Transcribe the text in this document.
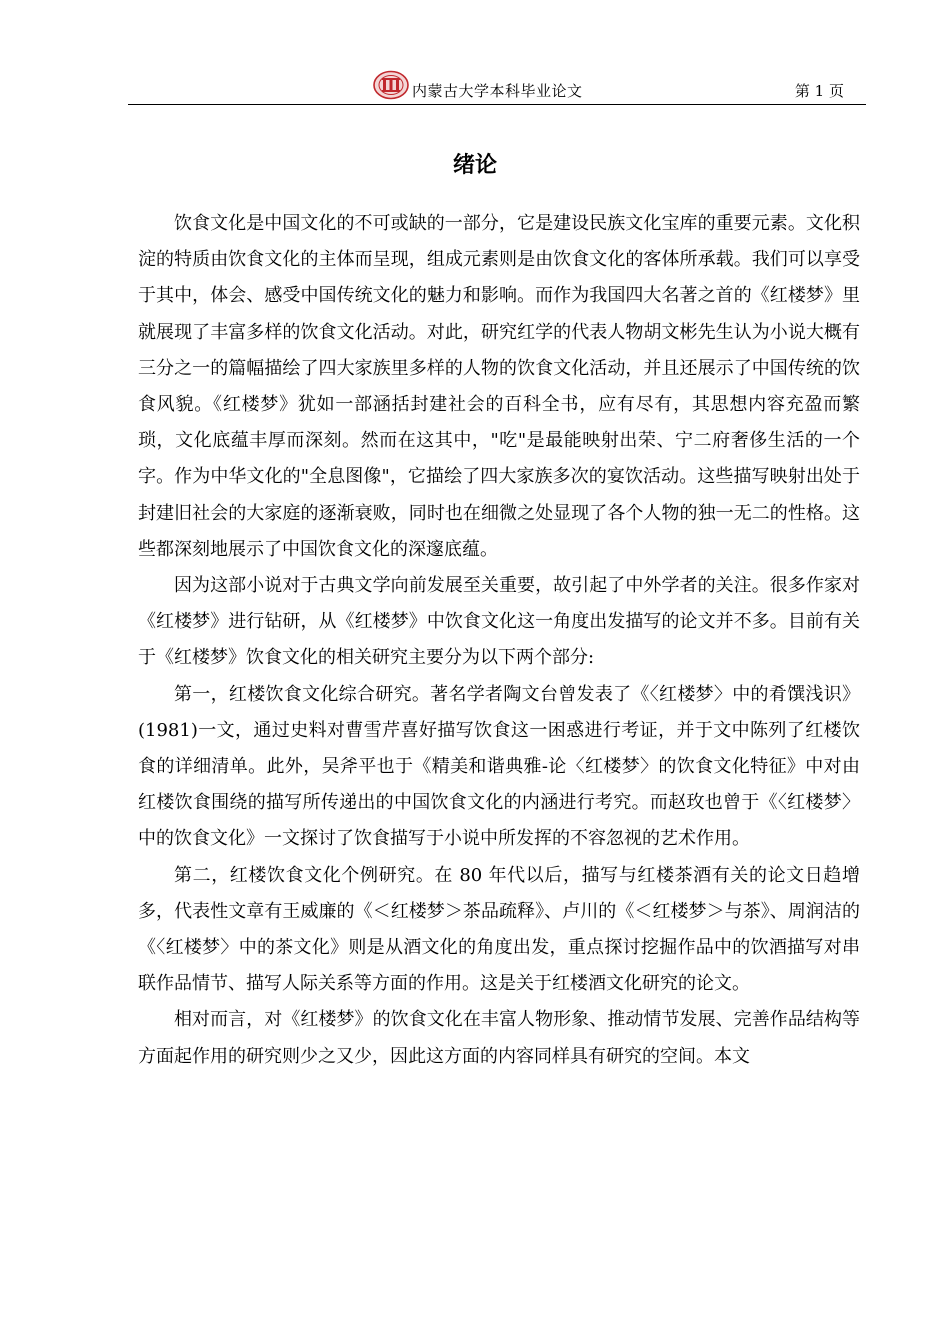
内蒙古大学本科毕业论文	第 1 页
绪论

饮食文化是中国文化的不可或缺的一部分，它是建设民族文化宝库的重要元素。文化积淀的特质由饮食文化的主体而呈现，组成元素则是由饮食文化的客体所承载。我们可以享受于其中，体会、感受中国传统文化的魅力和影响。而作为我国四大名著之首的《红楼梦》里就展现了丰富多样的饮食文化活动。对此，研究红学的代表人物胡文彬先生认为小说大概有三分之一的篇幅描绘了四大家族里多样的人物的饮食文化活动，并且还展示了中国传统的饮食风貌。《红楼梦》犹如一部涵括封建社会的百科全书，应有尽有，其思想内容充盈而繁琐，文化底蕴丰厚而深刻。然而在这其中，"吃"是最能映射出荣、宁二府奢侈生活的一个字。作为中华文化的"全息图像"，它描绘了四大家族多次的宴饮活动。这些描写映射出处于封建旧社会的大家庭的逐渐衰败，同时也在细微之处显现了各个人物的独一无二的性格。这些都深刻地展示了中国饮食文化的深邃底蕴。

因为这部小说对于古典文学向前发展至关重要，故引起了中外学者的关注。很多作家对《红楼梦》进行钻研，从《红楼梦》中饮食文化这一角度出发描写的论文并不多。目前有关于《红楼梦》饮食文化的相关研究主要分为以下两个部分:

第一，红楼饮食文化综合研究。著名学者陶文台曾发表了《〈红楼梦〉中的肴馔浅识》(1981)一文，通过史料对曹雪芹喜好描写饮食这一困惑进行考证，并于文中陈列了红楼饮食的详细清单。此外，吴斧平也于《精美和谐典雅-论〈红楼梦〉的饮食文化特征》中对由红楼饮食围绕的描写所传递出的中国饮食文化的内涵进行考究。而赵玫也曾于《〈红楼梦〉中的饮食文化》一文探讨了饮食描写于小说中所发挥的不容忽视的艺术作用。

第二，红楼饮食文化个例研究。在 80 年代以后，描写与红楼茶酒有关的论文日趋增多，代表性文章有王威廉的《＜红楼梦＞茶品疏释》、卢川的《＜红楼梦＞与茶》、周润洁的《〈红楼梦〉中的茶文化》则是从酒文化的角度出发，重点探讨挖掘作品中的饮酒描写对串联作品情节、描写人际关系等方面的作用。这是关于红楼酒文化研究的论文。

相对而言，对《红楼梦》的饮食文化在丰富人物形象、推动情节发展、完善作品结构等方面起作用的研究则少之又少，因此这方面的内容同样具有研究的空间。本文
